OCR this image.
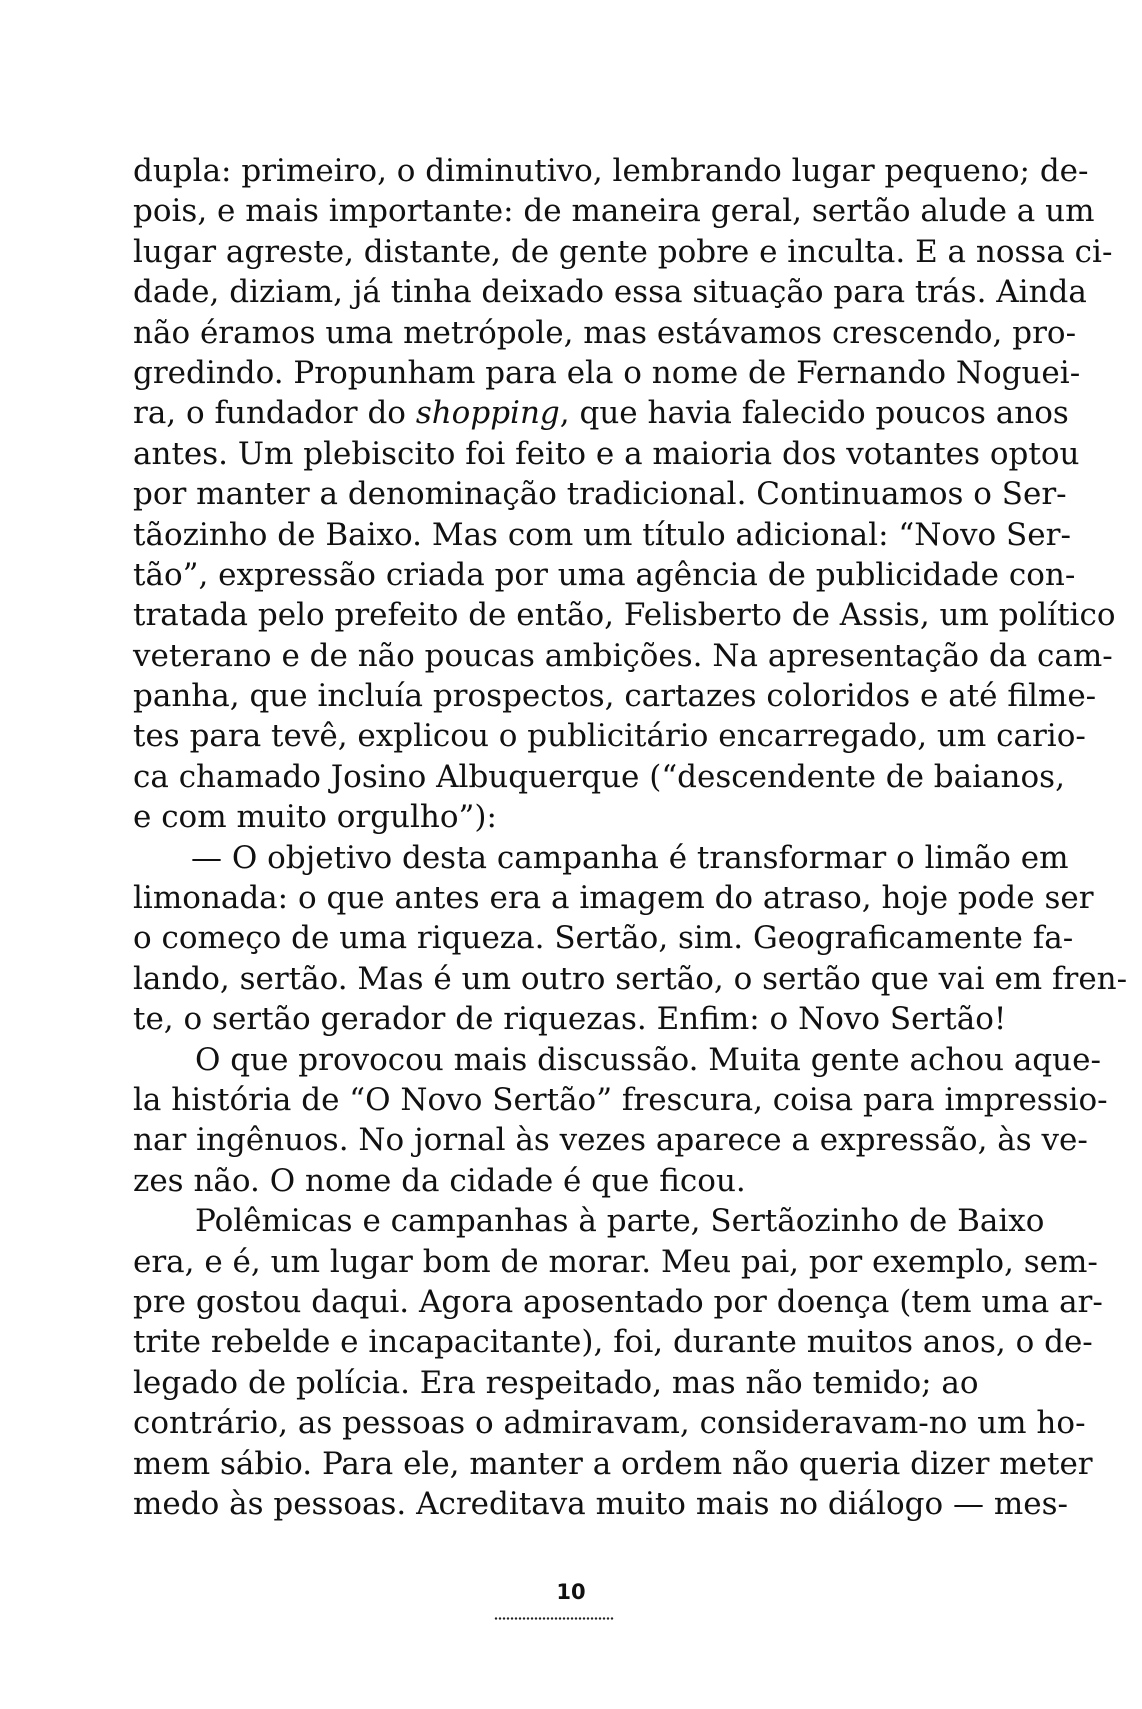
dupla: primeiro, o diminutivo, lembrando lugar pequeno; de-
pois, e mais importante: de maneira geral, sertão alude a um
lugar agreste, distante, de gente pobre e inculta. E a nossa ci-
dade, diziam, já tinha deixado essa situação para trás. Ainda
não éramos uma metrópole, mas estávamos crescendo, pro-
gredindo. Propunham para ela o nome de Fernando Noguei-
ra, o fundador do shopping, que havia falecido poucos anos
antes. Um plebiscito foi feito e a maioria dos votantes optou
por manter a denominação tradicional. Continuamos o Ser-
tãozinho de Baixo. Mas com um título adicional: “Novo Ser-
tão”, expressão criada por uma agência de publicidade con-
tratada pelo prefeito de então, Felisberto de Assis, um político
veterano e de não poucas ambições. Na apresentação da cam-
panha, que incluía prospectos, cartazes coloridos e até filme-
tes para tevê, explicou o publicitário encarregado, um cario-
ca chamado Josino Albuquerque (“descendente de baianos,
e com muito orgulho”):
— O objetivo desta campanha é transformar o limão em
limonada: o que antes era a imagem do atraso, hoje pode ser
o começo de uma riqueza. Sertão, sim. Geograficamente fa-
lando, sertão. Mas é um outro sertão, o sertão que vai em fren-
te, o sertão gerador de riquezas. Enfim: o Novo Sertão!
O que provocou mais discussão. Muita gente achou aque-
la história de “O Novo Sertão” frescura, coisa para impressio-
nar ingênuos. No jornal às vezes aparece a expressão, às ve-
zes não. O nome da cidade é que ficou.
Polêmicas e campanhas à parte, Sertãozinho de Baixo
era, e é, um lugar bom de morar. Meu pai, por exemplo, sem-
pre gostou daqui. Agora aposentado por doença (tem uma ar-
trite rebelde e incapacitante), foi, durante muitos anos, o de-
legado de polícia. Era respeitado, mas não temido; ao
contrário, as pessoas o admiravam, consideravam-no um ho-
mem sábio. Para ele, manter a ordem não queria dizer meter
medo às pessoas. Acreditava muito mais no diálogo — mes-
10
